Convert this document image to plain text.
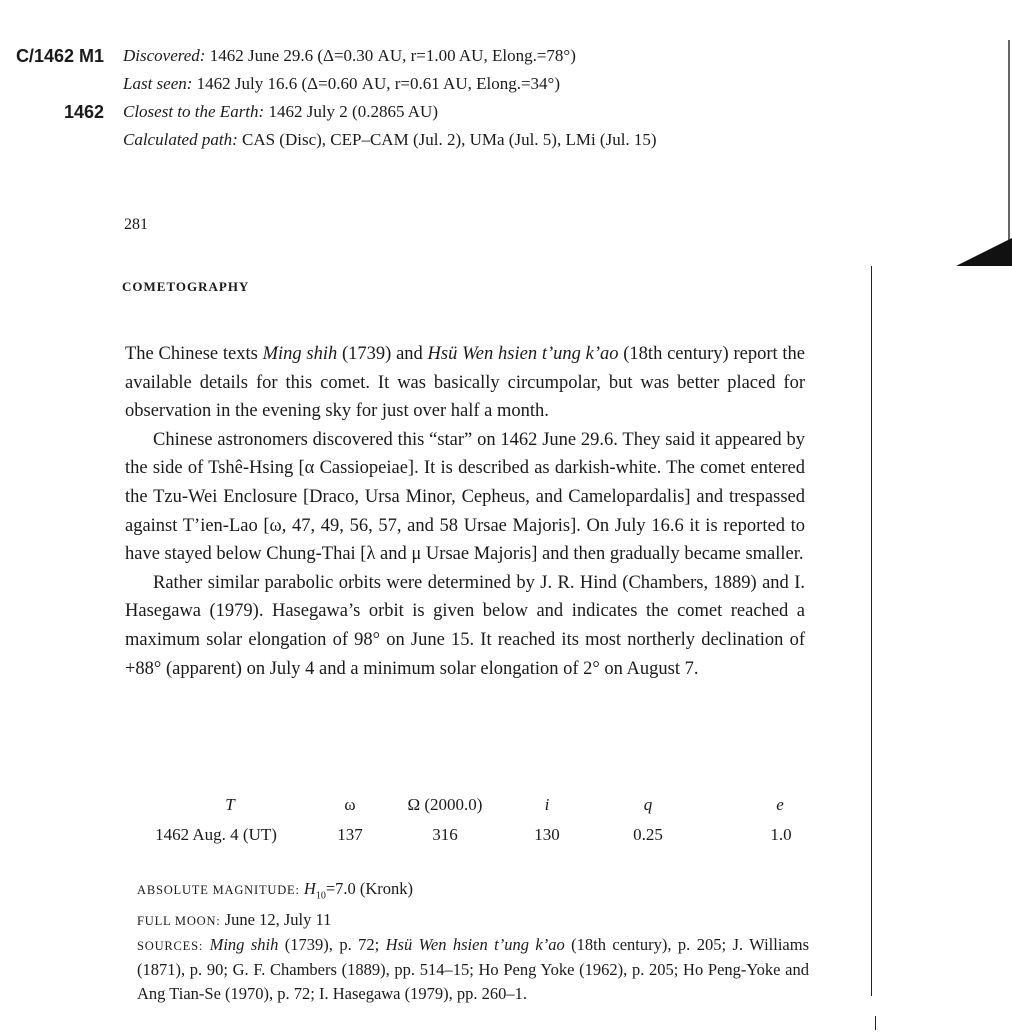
C/1462 M1
1462
Discovered: 1462 June 29.6 (Δ=0.30 AU, r=1.00 AU, Elong.=78°)
Last seen: 1462 July 16.6 (Δ=0.60 AU, r=0.61 AU, Elong.=34°)
Closest to the Earth: 1462 July 2 (0.2865 AU)
Calculated path: CAS (Disc), CEP–CAM (Jul. 2), UMa (Jul. 5), LMi (Jul. 15)
281
COMETOGRAPHY

The Chinese texts Ming shih (1739) and Hsü Wen hsien t’ung k’ao (18th century) report the available details for this comet. It was basically circumpolar, but was better placed for observation in the evening sky for just over half a month.

Chinese astronomers discovered this “star” on 1462 June 29.6. They said it appeared by the side of Tshê-Hsing [α Cassiopeiae]. It is described as darkish-white. The comet entered the Tzu-Wei Enclosure [Draco, Ursa Minor, Cepheus, and Camelopardalis] and trespassed against T’ien-Lao [ω, 47, 49, 56, 57, and 58 Ursae Majoris]. On July 16.6 it is reported to have stayed below Chung-Thai [λ and μ Ursae Majoris] and then gradually became smaller.

Rather similar parabolic orbits were determined by J. R. Hind (Chambers, 1889) and I. Hasegawa (1979). Hasegawa’s orbit is given below and indicates the comet reached a maximum solar elongation of 98° on June 15. It reached its most northerly declination of +88° (apparent) on July 4 and a minimum solar elongation of 2° on August 7.

T	ω	Ω (2000.0)	i	q	e
1462 Aug. 4 (UT)	137	316	130	0.25	1.0

ABSOLUTE MAGNITUDE: $H_{10}=7.0$ (Kronk)

FULL MOON: June 12, July 11

SOURCES: Ming shih (1739), p. 72; Hsü Wen hsien t’ung k’ao (18th century), p. 205; J. Williams (1871), p. 90; G. F. Chambers (1889), pp. 514–15; Ho Peng Yoke (1962), p. 205; Ho Peng-Yoke and Ang Tian-Se (1970), p. 72; I. Hasegawa (1979), pp. 260–1.
